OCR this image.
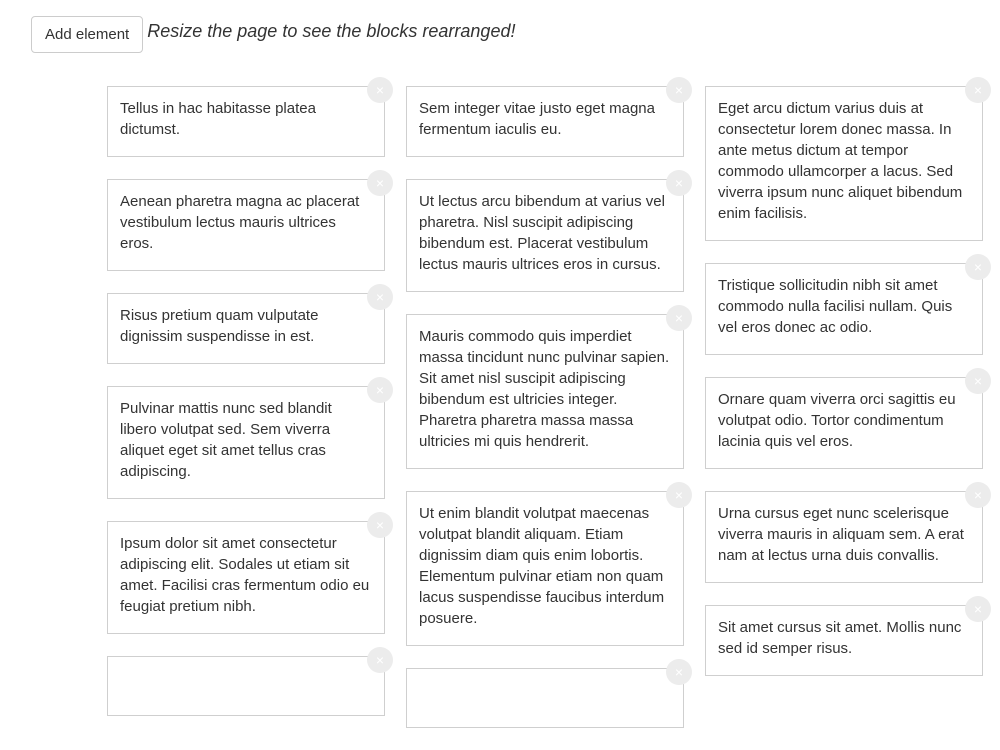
Add element	Resize the page to see the blocks rearranged!
Tellus in hac habitasse platea dictumst.
×
Aenean pharetra magna ac placerat vestibulum lectus mauris ultrices eros.
×
Risus pretium quam vulputate dignissim suspendisse in est.
×
Pulvinar mattis nunc sed blandit libero volutpat sed. Sem viverra aliquet eget sit amet tellus cras adipiscing.
×
Ipsum dolor sit amet consectetur adipiscing elit. Sodales ut etiam sit amet. Facilisi cras fermentum odio eu feugiat pretium nibh.
×
×
Sem integer vitae justo eget magna fermentum iaculis eu.
×
Ut lectus arcu bibendum at varius vel pharetra. Nisl suscipit adipiscing bibendum est. Placerat vestibulum lectus mauris ultrices eros in cursus.
×
Mauris commodo quis imperdiet massa tincidunt nunc pulvinar sapien. Sit amet nisl suscipit adipiscing bibendum est ultricies integer. Pharetra pharetra massa massa ultricies mi quis hendrerit.
×
Ut enim blandit volutpat maecenas volutpat blandit aliquam. Etiam dignissim diam quis enim lobortis. Elementum pulvinar etiam non quam lacus suspendisse faucibus interdum posuere.
×
×
Eget arcu dictum varius duis at consectetur lorem donec massa. In ante metus dictum at tempor commodo ullamcorper a lacus. Sed viverra ipsum nunc aliquet bibendum enim facilisis.
×
Tristique sollicitudin nibh sit amet commodo nulla facilisi nullam. Quis vel eros donec ac odio.
×
Ornare quam viverra orci sagittis eu volutpat odio. Tortor condimentum lacinia quis vel eros.
×
Urna cursus eget nunc scelerisque viverra mauris in aliquam sem. A erat nam at lectus urna duis convallis.
×
Sit amet cursus sit amet. Mollis nunc sed id semper risus.
×
